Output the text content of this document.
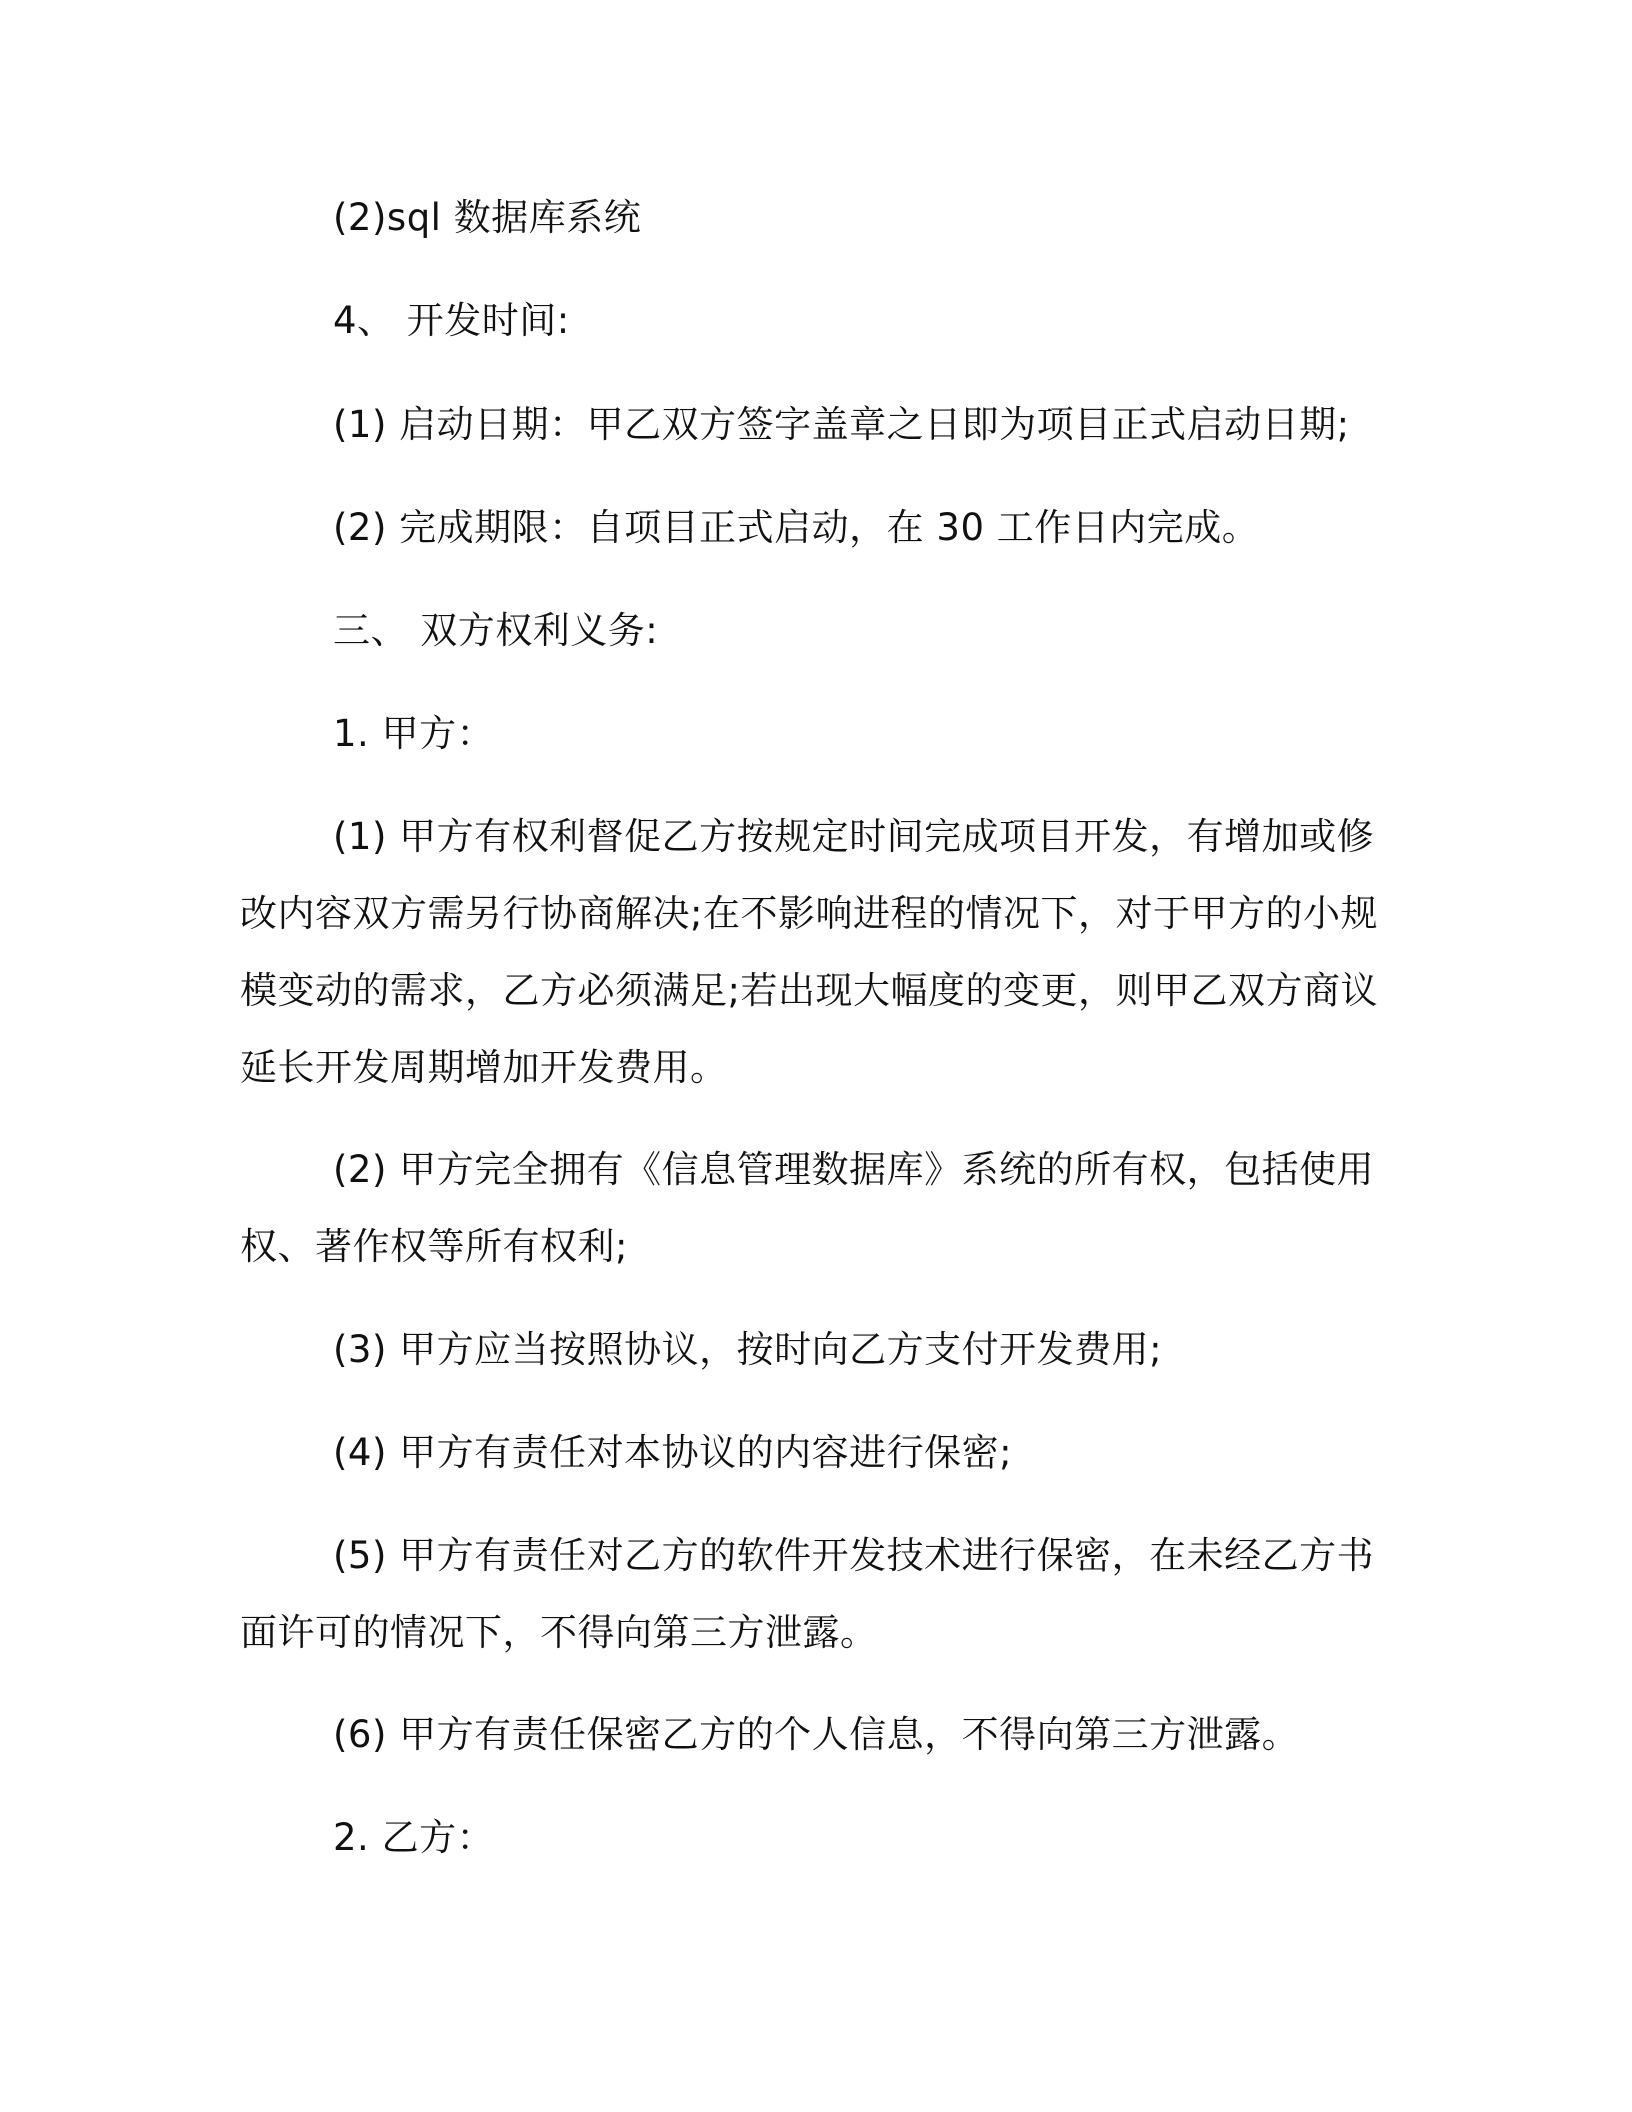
(2)sql 数据库系统
4、 开发时间:
(1) 启动日期：甲乙双方签字盖章之日即为项目正式启动日期;
(2) 完成期限：自项目正式启动，在 30 工作日内完成。
三、 双方权利义务:
1. 甲方：
(1) 甲方有权利督促乙方按规定时间完成项目开发，有增加或修
改内容双方需另行协商解决;在不影响进程的情况下，对于甲方的小规
模变动的需求，乙方必须满足;若出现大幅度的变更，则甲乙双方商议
延长开发周期增加开发费用。
(2) 甲方完全拥有《信息管理数据库》系统的所有权，包括使用
权、著作权等所有权利;
(3) 甲方应当按照协议，按时向乙方支付开发费用;
(4) 甲方有责任对本协议的内容进行保密;
(5) 甲方有责任对乙方的软件开发技术进行保密，在未经乙方书
面许可的情况下，不得向第三方泄露。
(6) 甲方有责任保密乙方的个人信息，不得向第三方泄露。
2. 乙方：
